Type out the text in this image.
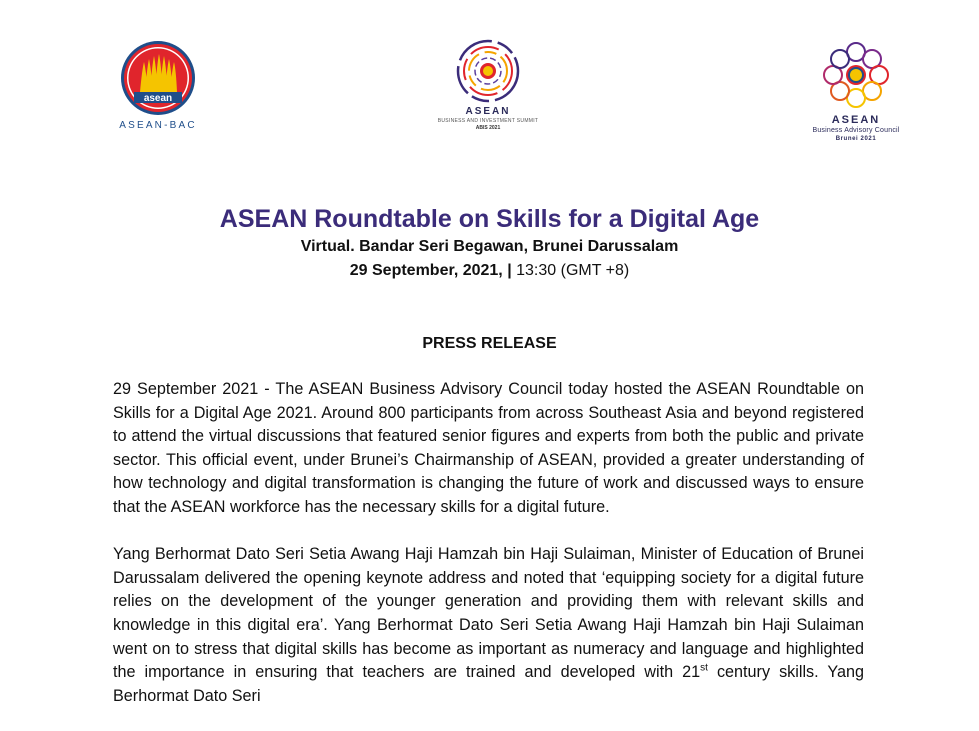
asean
ASEAN-BAC
ASEAN
BUSINESS AND INVESTMENT SUMMIT
ABIS 2021
ASEAN
Business Advisory Council
Brunei 2021
ASEAN Roundtable on Skills for a Digital Age
Virtual. Bandar Seri Begawan, Brunei Darussalam
29 September, 2021, | 13:30 (GMT +8)
PRESS RELEASE

29 September 2021 - The ASEAN Business Advisory Council today hosted the ASEAN Roundtable on Skills for a Digital Age 2021. Around 800 participants from across Southeast Asia and beyond registered to attend the virtual discussions that featured senior figures and experts from both the public and private sector. This official event, under Brunei’s Chairmanship of ASEAN, provided a greater understanding of how technology and digital transformation is changing the future of work and discussed ways to ensure that the ASEAN workforce has the necessary skills for a digital future.

Yang Berhormat Dato Seri Setia Awang Haji Hamzah bin Haji Sulaiman, Minister of Education of Brunei Darussalam delivered the opening keynote address and noted that ‘equipping society for a digital future relies on the development of the younger generation and providing them with relevant skills and knowledge in this digital era’. Yang Berhormat Dato Seri Setia Awang Haji Hamzah bin Haji Sulaiman went on to stress that digital skills has become as important as numeracy and language and highlighted the importance in ensuring that teachers are trained and developed with 21st century skills. Yang Berhormat Dato Seri
